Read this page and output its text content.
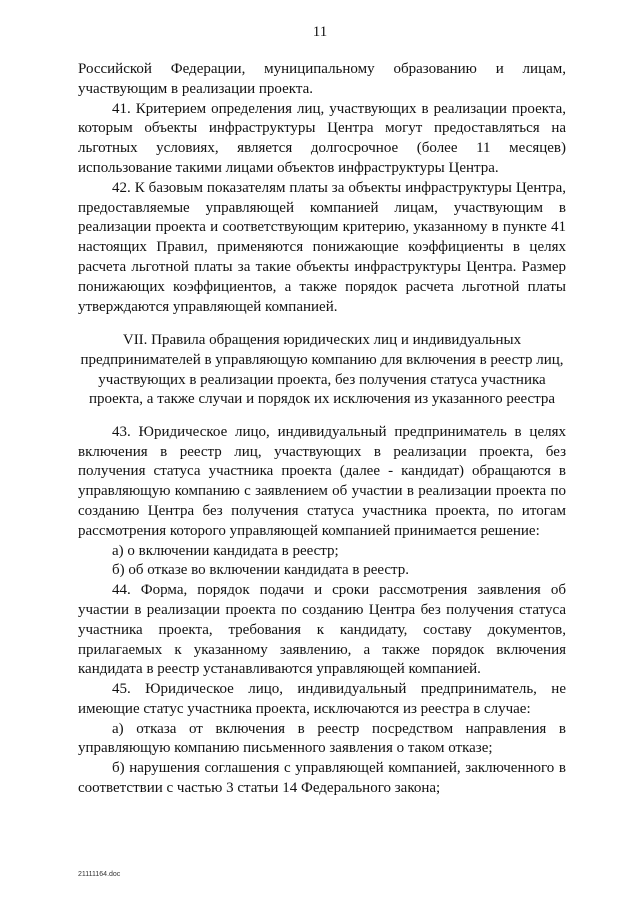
11

Российской Федерации, муниципальному образованию и лицам, участвующим в реализации проекта.

41. Критерием определения лиц, участвующих в реализации проекта, которым объекты инфраструктуры Центра могут предоставляться на льготных условиях, является долгосрочное (более 11 месяцев) использование такими лицами объектов инфраструктуры Центра.

42. К базовым показателям платы за объекты инфраструктуры Центра, предоставляемые управляющей компанией лицам, участвующим в реализации проекта и соответствующим критерию, указанному в пункте 41 настоящих Правил, применяются понижающие коэффициенты в целях расчета льготной платы за такие объекты инфраструктуры Центра. Размер понижающих коэффициентов, а также порядок расчета льготной платы утверждаются управляющей компанией.

VII. Правила обращения юридических лиц и индивидуальных предпринимателей в управляющую компанию для включения в реестр лиц, участвующих в реализации проекта, без получения статуса участника проекта, а также случаи и порядок их исключения из указанного реестра

43. Юридическое лицо, индивидуальный предприниматель в целях включения в реестр лиц, участвующих в реализации проекта, без получения статуса участника проекта (далее - кандидат) обращаются в управляющую компанию с заявлением об участии в реализации проекта по созданию Центра без получения статуса участника проекта, по итогам рассмотрения которого управляющей компанией принимается решение:

а) о включении кандидата в реестр;

б) об отказе во включении кандидата в реестр.

44. Форма, порядок подачи и сроки рассмотрения заявления об участии в реализации проекта по созданию Центра без получения статуса участника проекта, требования к кандидату, составу документов, прилагаемых к указанному заявлению, а также порядок включения кандидата в реестр устанавливаются управляющей компанией.

45. Юридическое лицо, индивидуальный предприниматель, не имеющие статус участника проекта, исключаются из реестра в случае:

а) отказа от включения в реестр посредством направления в управляющую компанию письменного заявления о таком отказе;

б) нарушения соглашения с управляющей компанией, заключенного в соответствии с частью 3 статьи 14 Федерального закона;

21111164.doc
